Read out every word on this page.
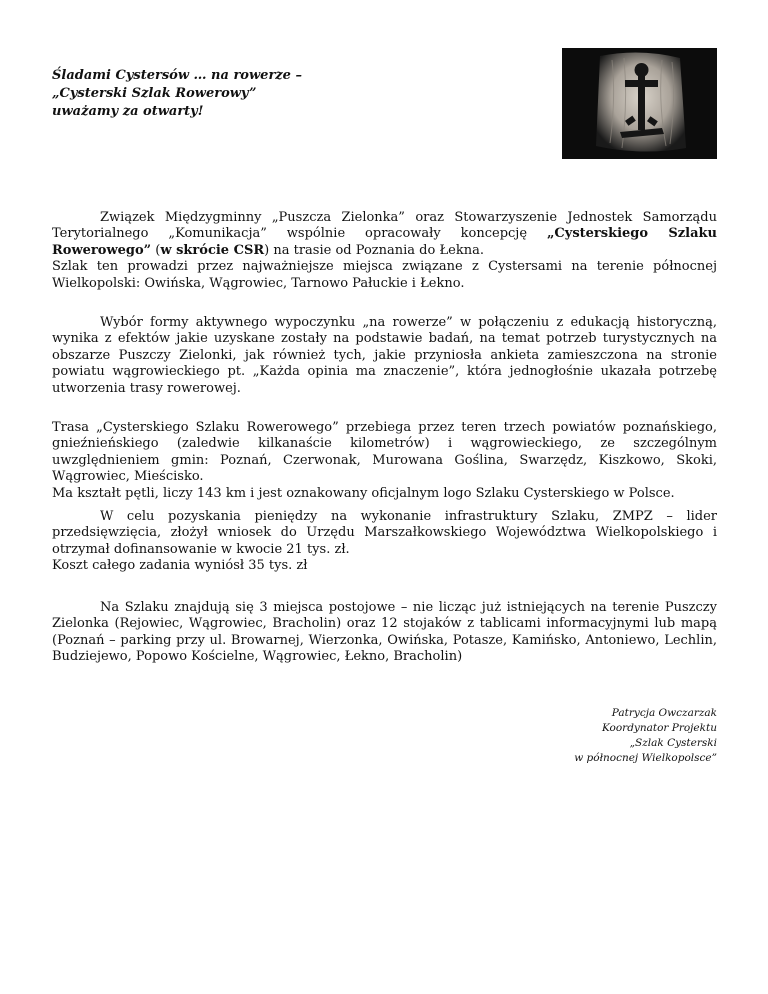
Śladami Cystersów … na rowerze –
„Cysterski Szlak Rowerowy”
uważamy za otwarty!

Związek Międzygminny „Puszcza Zielonka” oraz Stowarzyszenie Jednostek Samorządu Terytorialnego „Komunikacja” wspólnie opracowały koncepcję „Cysterskiego Szlaku Rowerowego” (w skrócie CSR) na trasie od Poznania do Łekna.

Szlak ten prowadzi przez najważniejsze miejsca związane z Cystersami na terenie północnej Wielkopolski: Owińska, Wągrowiec, Tarnowo Pałuckie i Łekno.

Wybór formy aktywnego wypoczynku „na rowerze” w połączeniu z edukacją historyczną, wynika z efektów jakie uzyskane zostały na podstawie badań, na temat potrzeb turystycznych na obszarze Puszczy Zielonki, jak również tych, jakie przyniosła ankieta zamieszczona na stronie powiatu wągrowieckiego pt. „Każda opinia ma znaczenie”, która jednogłośnie ukazała potrzebę utworzenia trasy rowerowej.

Trasa „Cysterskiego Szlaku Rowerowego” przebiega przez teren trzech powiatów poznańskiego, gnieźnieńskiego (zaledwie kilkanaście kilometrów) i wągrowieckiego, ze szczególnym uwzględnieniem gmin: Poznań, Czerwonak, Murowana Goślina, Swarzędz, Kiszkowo, Skoki, Wągrowiec, Mieścisko.

Ma kształt pętli, liczy 143 km i jest oznakowany oficjalnym logo Szlaku Cysterskiego w Polsce.

W celu pozyskania pieniędzy na wykonanie infrastruktury Szlaku, ZMPZ – lider przedsięwzięcia, złożył wniosek do Urzędu Marszałkowskiego Województwa Wielkopolskiego i otrzymał dofinansowanie w kwocie 21 tys. zł.

Koszt całego zadania wyniósł 35 tys. zł

Na Szlaku znajdują się 3 miejsca postojowe – nie licząc już istniejących na terenie Puszczy Zielonka (Rejowiec, Wągrowiec, Bracholin) oraz 12 stojaków z tablicami informacyjnymi lub mapą (Poznań – parking przy ul. Browarnej, Wierzonka, Owińska, Potasze, Kamińsko, Antoniewo, Lechlin, Budziejewo, Popowo Kościelne, Wągrowiec, Łekno, Bracholin)

Patrycja Owczarzak
Koordynator Projektu
„Szlak Cysterski
w północnej Wielkopolsce”
